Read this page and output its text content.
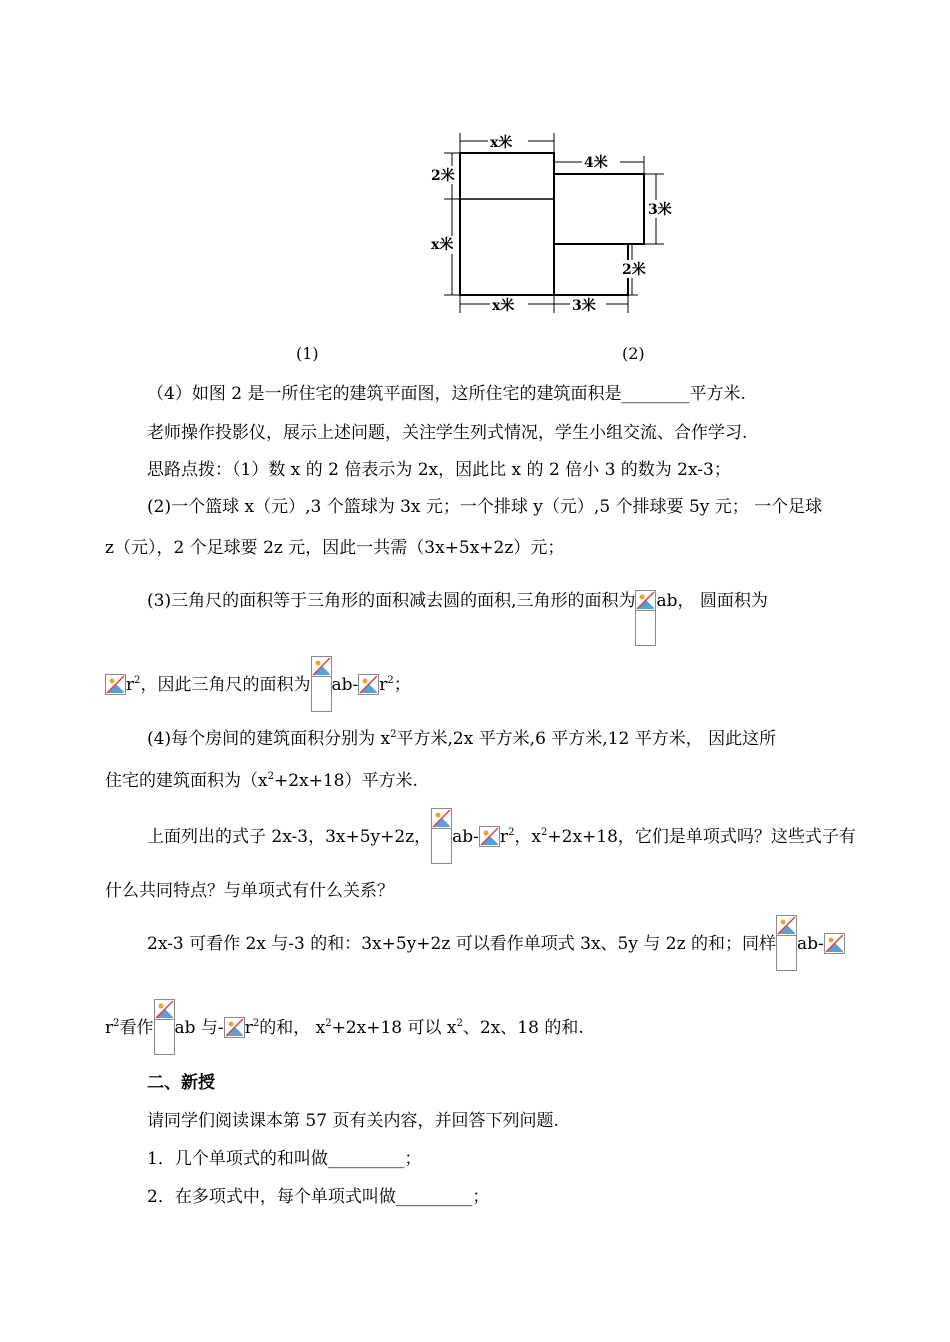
x米
4米
2米
x米
3米
2米
x米	3米
(1)	(2)
（4）如图 2 是一所住宅的建筑平面图，这所住宅的建筑面积是________平方米.
老师操作投影仪，展示上述问题，关注学生列式情况，学生小组交流、合作学习.
思路点拨：（1）数 x 的 2 倍表示为 2x，因此比 x 的 2 倍小 3 的数为 2x-3；
(2)一个篮球 x（元）,3 个篮球为 3x 元；一个排球 y（元）,5 个排球要 5y 元； 一个足球
z（元），2 个足球要 2z 元，因此一共需（3x+5x+2z）元；
(3)三角尺的面积等于三角形的面积减去圆的面积,三角形的面积为 ab， 圆面积为
$r^2$，因此三角尺的面积为 ab- $r^2$；
(4)每个房间的建筑面积分别为 $x^2$平方米,2x 平方米,6 平方米,12 平方米， 因此这所
住宅的建筑面积为$(x^2+2x+18)$平方米.
上面列出的式子 2x-3，3x+5y+2z， ab- $r^2$，$x^2+2x+18$，它们是单项式吗？这些式子有
什么共同特点？与单项式有什么关系？
2x-3 可看作 2x 与-3 的和：3x+5y+2z 可以看作单项式 3x、5y 与 2z 的和；同样 ab-
$r^2$看作 ab 与- $r^2$的和， $x^2+2x+18$ 可以 $x^2$、2x、18 的和.
二、新授
请同学们阅读课本第 57 页有关内容，并回答下列问题.
1．几个单项式的和叫做_________；
2．在多项式中，每个单项式叫做_________；
